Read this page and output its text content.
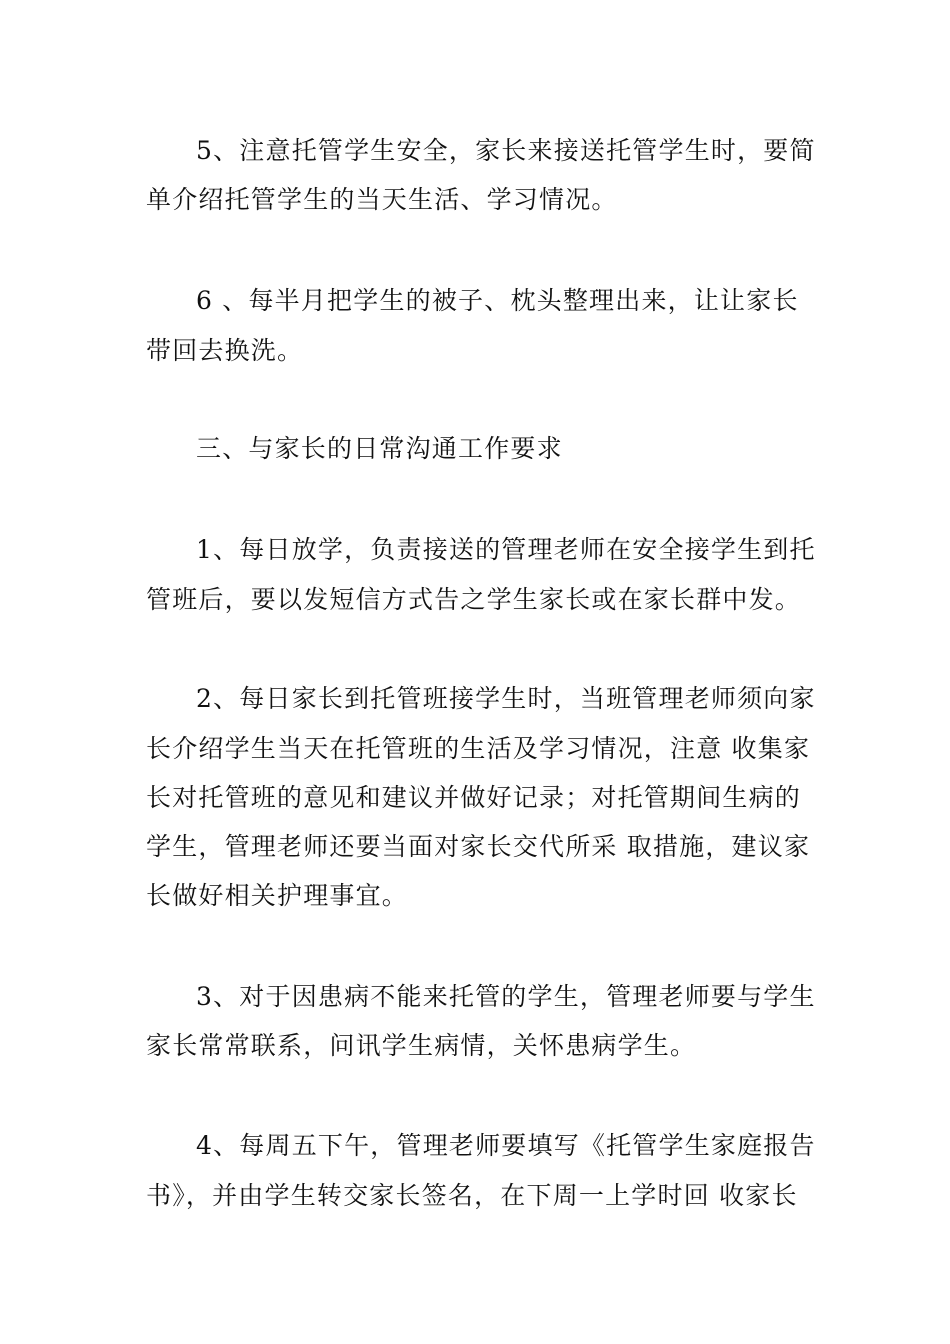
5、注意托管学生安全，家长来接送托管学生时，要简
单介绍托管学生的当天生活、学习情况。
6 、每半月把学生的被子、枕头整理出来，让让家长
带回去换洗。
三、与家长的日常沟通工作要求
1、每日放学，负责接送的管理老师在安全接学生到托
管班后，要以发短信方式告之学生家长或在家长群中发。
2、每日家长到托管班接学生时，当班管理老师须向家
长介绍学生当天在托管班的生活及学习情况，注意 收集家
长对托管班的意见和建议并做好记录；对托管期间生病的
学生，管理老师还要当面对家长交代所采 取措施，建议家
长做好相关护理事宜。
3、对于因患病不能来托管的学生，管理老师要与学生
家长常常联系，问讯学生病情，关怀患病学生。
4、每周五下午，管理老师要填写《托管学生家庭报告
书》，并由学生转交家长签名，在下周一上学时回 收家长
